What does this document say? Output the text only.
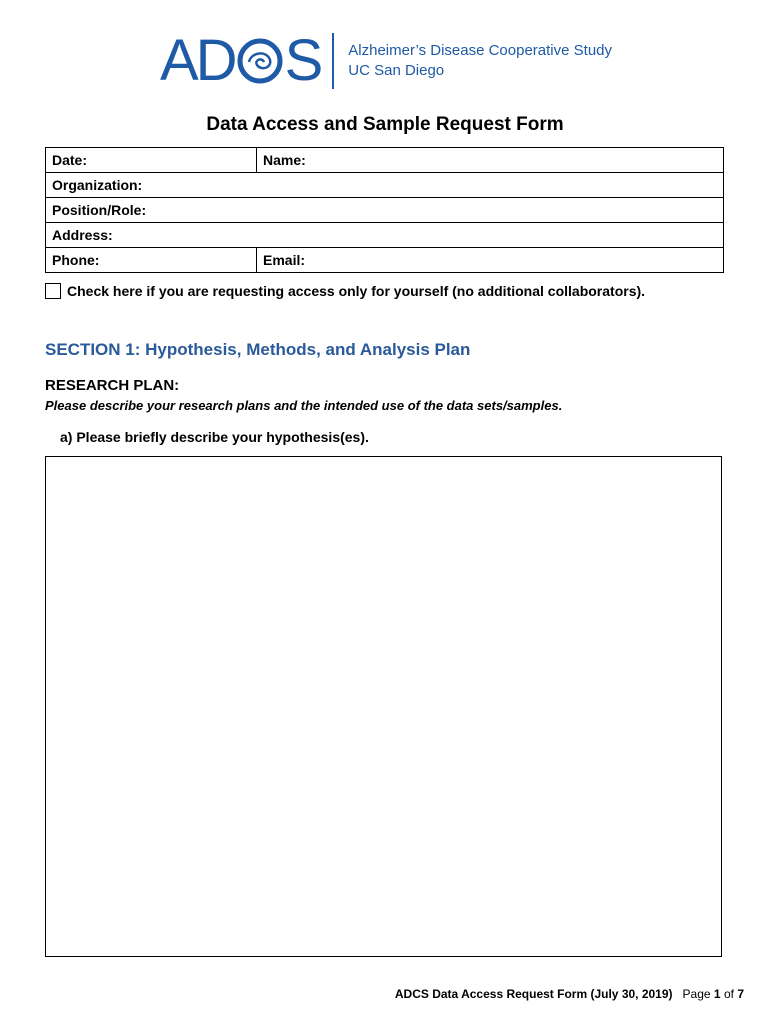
AD S Alzheimer’s Disease Cooperative Study
UC San Diego
Data Access and Sample Request Form
Date:	Name:
Organization:	
Position/Role:	
Address:	
Phone:	Email:
Check here if you are requesting access only for yourself (no additional collaborators).
SECTION 1: Hypothesis, Methods, and Analysis Plan
RESEARCH PLAN:
Please describe your research plans and the intended use of the data sets/samples.
a) Please briefly describe your hypothesis(es).
ADCS Data Access Request Form (July 30, 2019) Page 1 of 7
